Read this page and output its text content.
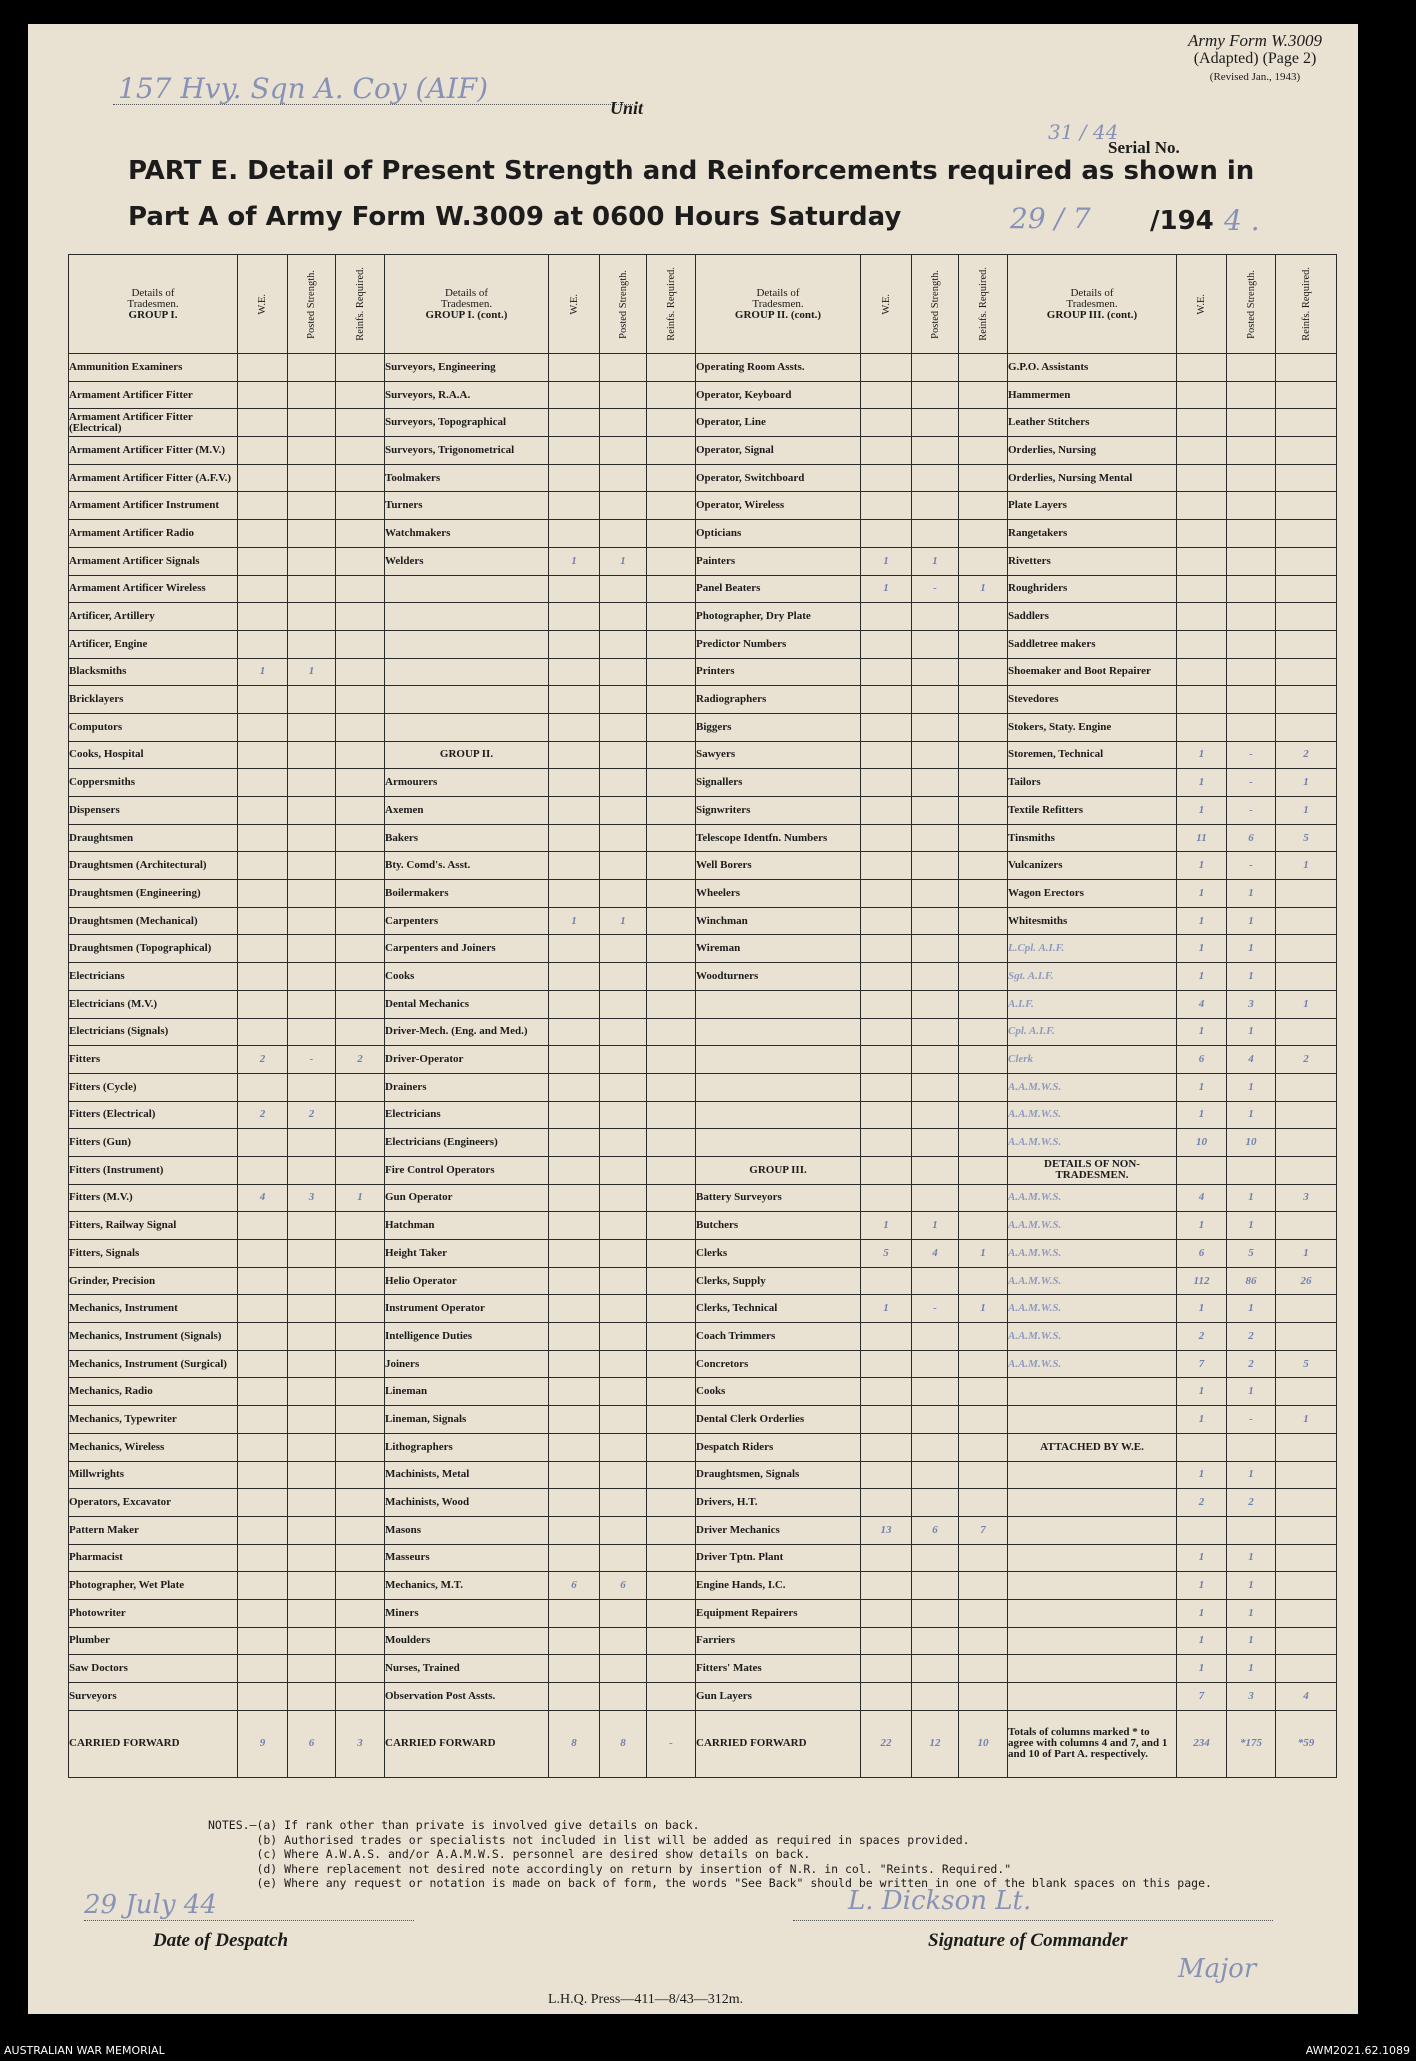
157 Hvy. Sqn A. Coy (AIF)
Unit
Army Form W.3009
(Adapted) (Page 2)
(Revised Jan., 1943)
31 / 44
Serial No.
PART E. Detail of Present Strength and Reinforcements required as shown in
Part A of Army Form W.3009 at 0600 Hours Saturday	29 / 7 /194 4 .
Details of
Tradesmen.
GROUP I.	W.E.	Posted Strength.	Reinfs. Required.	Details of
Tradesmen.
GROUP I. (cont.)	W.E.	Posted Strength.	Reinfs. Required.	Details of
Tradesmen.
GROUP II. (cont.)	W.E.	Posted Strength.	Reinfs. Required.	Details of
Tradesmen.
GROUP III. (cont.)	W.E.	Posted Strength.	Reinfs. Required.

Ammunition Examiners				Surveyors, Engineering				Operating Room Assts.				G.P.O. Assistants			
Armament Artificer Fitter				Surveyors, R.A.A.				Operator, Keyboard				Hammermen			
Armament Artificer Fitter (Electrical)				Surveyors, Topographical				Operator, Line				Leather Stitchers			
Armament Artificer Fitter (M.V.)				Surveyors, Trigonometrical				Operator, Signal				Orderlies, Nursing			
Armament Artificer Fitter (A.F.V.)				Toolmakers				Operator, Switchboard				Orderlies, Nursing Mental			
Armament Artificer Instrument				Turners				Operator, Wireless				Plate Layers			
Armament Artificer Radio				Watchmakers				Opticians				Rangetakers			
Armament Artificer Signals				Welders	1	1		Painters	1	1		Rivetters			
Armament Artificer Wireless								Panel Beaters	1	-	1	Roughriders			
Artificer, Artillery								Photographer, Dry Plate				Saddlers			
Artificer, Engine								Predictor Numbers				Saddletree makers			
Blacksmiths	1	1						Printers				Shoemaker and Boot Repairer			
Bricklayers								Radiographers				Stevedores			
Computors								Biggers				Stokers, Staty. Engine			
Cooks, Hospital				GROUP II.				Sawyers				Storemen, Technical	1	-	2
Coppersmiths				Armourers				Signallers				Tailors	1	-	1
Dispensers				Axemen				Signwriters				Textile Refitters	1	-	1
Draughtsmen				Bakers				Telescope Identfn. Numbers				Tinsmiths	11	6	5
Draughtsmen (Architectural)				Bty. Comd's. Asst.				Well Borers				Vulcanizers	1	-	1
Draughtsmen (Engineering)				Boilermakers				Wheelers				Wagon Erectors	1	1	
Draughtsmen (Mechanical)				Carpenters	1	1		Winchman				Whitesmiths	1	1	
Draughtsmen (Topographical)				Carpenters and Joiners				Wireman				L.Cpl. A.I.F.	1	1	
Electricians				Cooks				Woodturners				Sgt. A.I.F.	1	1	
Electricians (M.V.)				Dental Mechanics								A.I.F.	4	3	1
Electricians (Signals)				Driver-Mech. (Eng. and Med.)								Cpl. A.I.F.	1	1	
Fitters	2	-	2	Driver-Operator								Clerk	6	4	2
Fitters (Cycle)				Drainers								A.A.M.W.S.	1	1	
Fitters (Electrical)	2	2		Electricians								A.A.M.W.S.	1	1	
Fitters (Gun)				Electricians (Engineers)								A.A.M.W.S.	10	10	
Fitters (Instrument)				Fire Control Operators				GROUP III.				DETAILS OF NON-TRADESMEN.			
Fitters (M.V.)	4	3	1	Gun Operator				Battery Surveyors				A.A.M.W.S.	4	1	3
Fitters, Railway Signal				Hatchman				Butchers	1	1		A.A.M.W.S.	1	1	
Fitters, Signals				Height Taker				Clerks	5	4	1	A.A.M.W.S.	6	5	1
Grinder, Precision				Helio Operator				Clerks, Supply				A.A.M.W.S.	112	86	26
Mechanics, Instrument				Instrument Operator				Clerks, Technical	1	-	1	A.A.M.W.S.	1	1	
Mechanics, Instrument (Signals)				Intelligence Duties				Coach Trimmers				A.A.M.W.S.	2	2	
Mechanics, Instrument (Surgical)				Joiners				Concretors				A.A.M.W.S.	7	2	5
Mechanics, Radio				Lineman				Cooks					1	1	
Mechanics, Typewriter				Lineman, Signals				Dental Clerk Orderlies					1	-	1
Mechanics, Wireless				Lithographers				Despatch Riders				ATTACHED BY W.E.			
Millwrights				Machinists, Metal				Draughtsmen, Signals					1	1	
Operators, Excavator				Machinists, Wood				Drivers, H.T.					2	2	
Pattern Maker				Masons				Driver Mechanics	13	6	7				
Pharmacist				Masseurs				Driver Tptn. Plant					1	1	
Photographer, Wet Plate				Mechanics, M.T.	6	6		Engine Hands, I.C.					1	1	
Photowriter				Miners				Equipment Repairers					1	1	
Plumber				Moulders				Farriers					1	1	
Saw Doctors				Nurses, Trained				Fitters' Mates					1	1	
Surveyors				Observation Post Assts.				Gun Layers					7	3	4
CARRIED FORWARD	9	6	3	CARRIED FORWARD	8	8	-	CARRIED FORWARD	22	12	10	Totals of columns marked * to agree with columns 4 and 7, and 1 and 10 of Part A. respectively.	234	*175	*59
NOTES.—(a) If rank other than private is involved give details on back.
(b) Authorised trades or specialists not included in list will be added as required in spaces provided.
(c) Where A.W.A.S. and/or A.A.M.W.S. personnel are desired show details on back.
(d) Where replacement not desired note accordingly on return by insertion of N.R. in col. "Reints. Required."
(e) Where any request or notation is made on back of form, the words "See Back" should be written in one of the blank spaces on this page.
29 July 44
Date of Despatch
L. Dickson Lt.
Signature of Commander
Major
L.H.Q. Press—411—8/43—312m.
AUSTRALIAN WAR MEMORIAL	AWM2021.62.1089
